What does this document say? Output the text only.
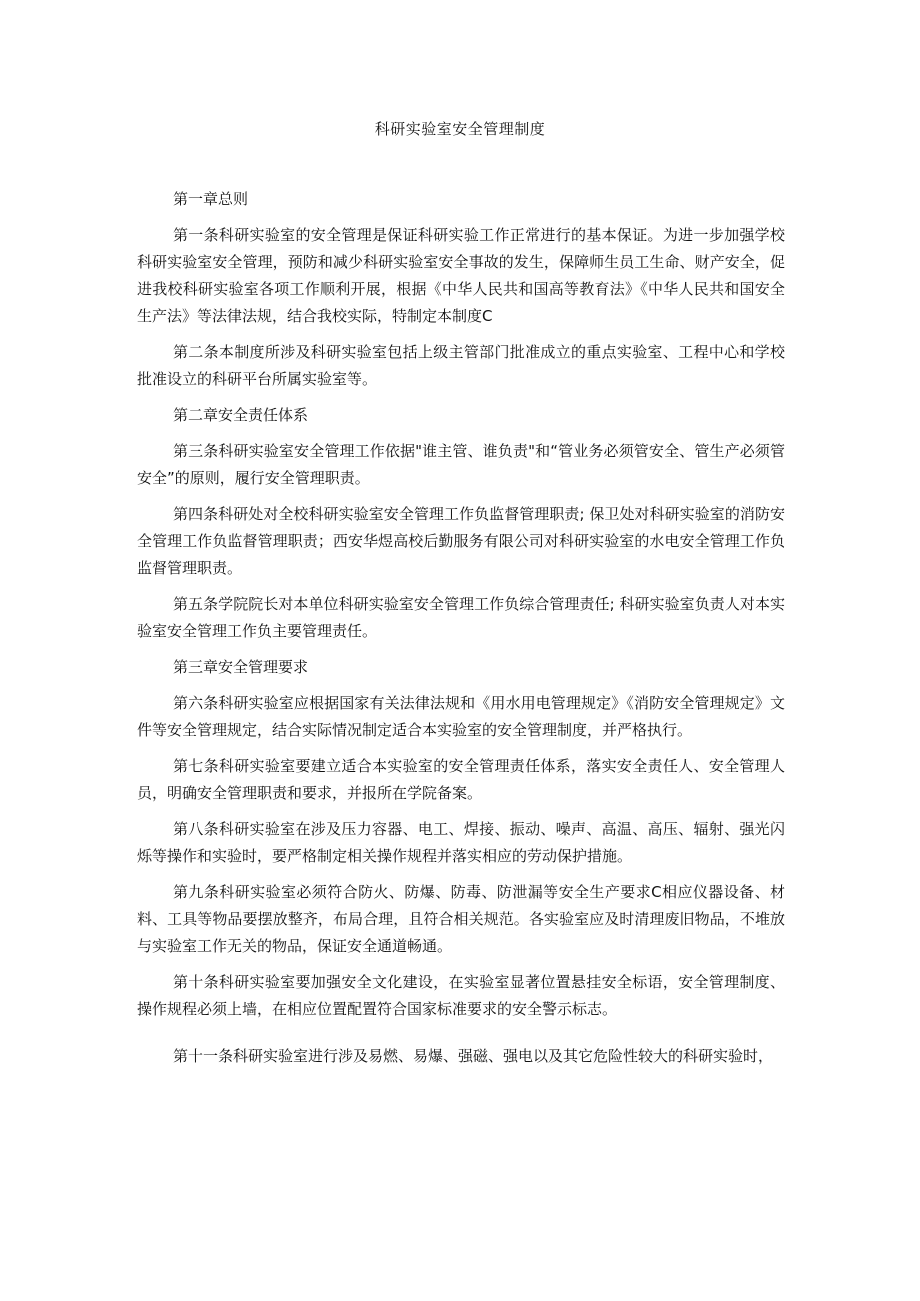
科研实验室安全管理制度

第一章总则

第一条科研实验室的安全管理是保证科研实验工作正常进行的基本保证。为进一步加强学校科研实验室安全管理，预防和减少科研实验室安全事故的发生，保障师生员工生命、财产安全，促进我校科研实验室各项工作顺利开展，根据《中华人民共和国高等教育法》《中华人民共和国安全生产法》等法律法规，结合我校实际，特制定本制度C

第二条本制度所涉及科研实验室包括上级主管部门批准成立的重点实验室、工程中心和学校批准设立的科研平台所属实验室等。

第二章安全责任体系

第三条科研实验室安全管理工作依据"谁主管、谁负责"和“管业务必须管安全、管生产必须管安全”的原则，履行安全管理职责。

第四条科研处对全校科研实验室安全管理工作负监督管理职责; 保卫处对科研实验室的消防安全管理工作负监督管理职责；西安华煜高校后勤服务有限公司对科研实验室的水电安全管理工作负监督管理职责。

第五条学院院长对本单位科研实验室安全管理工作负综合管理责任; 科研实验室负责人对本实验室安全管理工作负主要管理责任。

第三章安全管理要求

第六条科研实验室应根据国家有关法律法规和《用水用电管理规定》《消防安全管理规定》文件等安全管理规定，结合实际情况制定适合本实验室的安全管理制度，并严格执行。

第七条科研实验室要建立适合本实验室的安全管理责任体系，落实安全责任人、安全管理人员，明确安全管理职责和要求，并报所在学院备案。

第八条科研实验室在涉及压力容器、电工、焊接、振动、噪声、高温、高压、辐射、强光闪烁等操作和实验时，要严格制定相关操作规程并落实相应的劳动保护措施。

第九条科研实验室必须符合防火、防爆、防毒、防泄漏等安全生产要求C相应仪器设备、材料、工具等物品要摆放整齐，布局合理，且符合相关规范。各实验室应及时清理废旧物品，不堆放与实验室工作无关的物品，保证安全通道畅通。

第十条科研实验室要加强安全文化建设，在实验室显著位置悬挂安全标语，安全管理制度、操作规程必须上墙，在相应位置配置符合国家标准要求的安全警示标志。

第十一条科研实验室进行涉及易燃、易爆、强磁、强电以及其它危险性较大的科研实验时，
